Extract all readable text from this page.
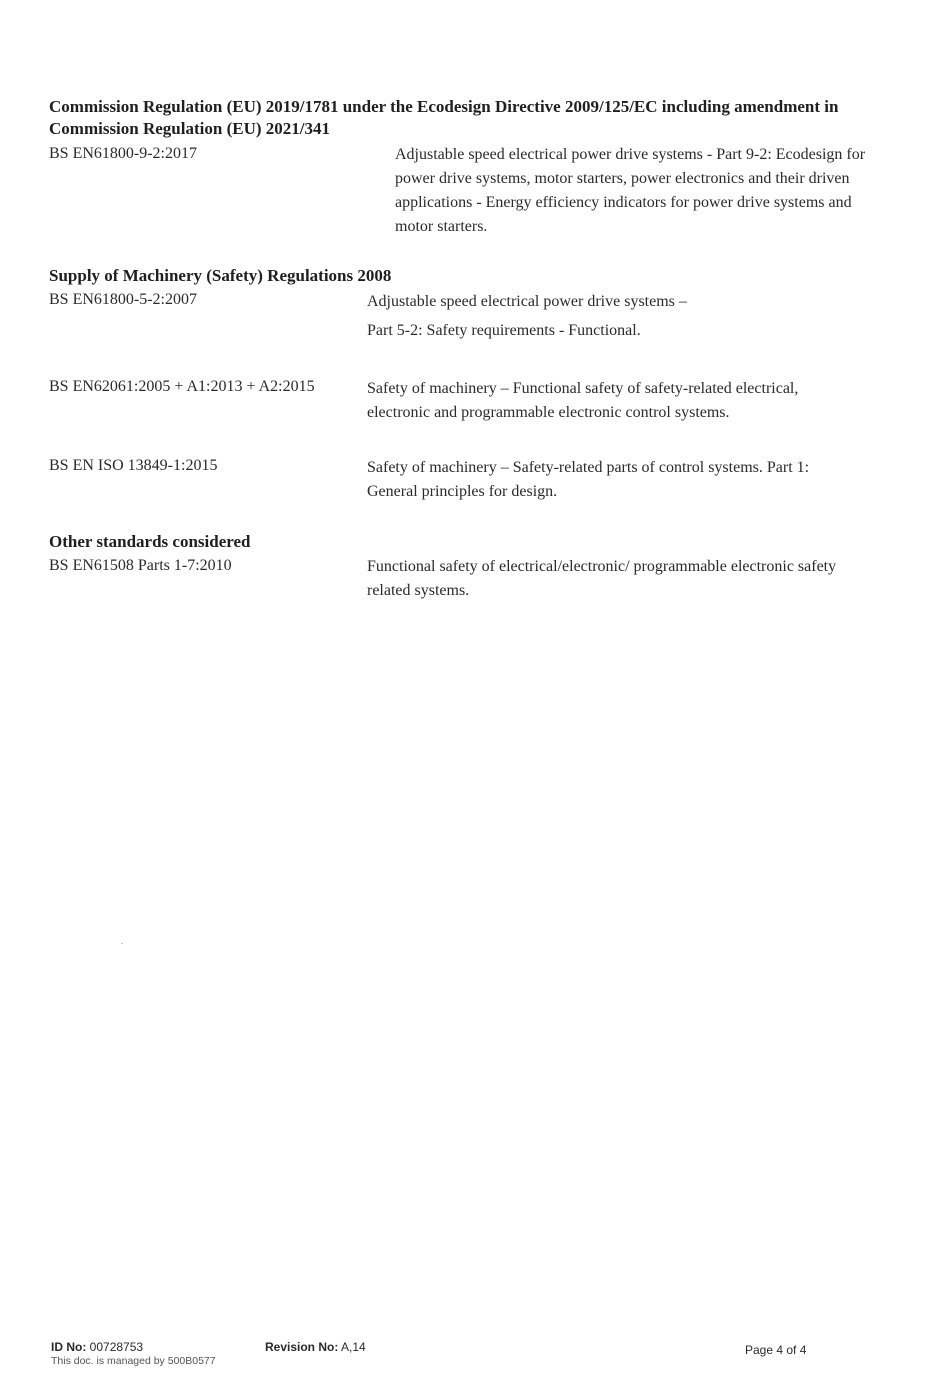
Commission Regulation (EU) 2019/1781 under the Ecodesign Directive 2009/125/EC including amendment in Commission Regulation (EU) 2021/341
BS EN61800-9-2:2017	Adjustable speed electrical power drive systems - Part 9-2: Ecodesign for power drive systems, motor starters, power electronics and their driven applications - Energy efficiency indicators for power drive systems and motor starters.
Supply of Machinery (Safety) Regulations 2008
BS EN61800-5-2:2007	Adjustable speed electrical power drive systems –
Part 5-2: Safety requirements - Functional.
BS EN62061:2005 + A1:2013 + A2:2015	Safety of machinery – Functional safety of safety-related electrical, electronic and programmable electronic control systems.
BS EN ISO 13849-1:2015	Safety of machinery – Safety-related parts of control systems. Part 1: General principles for design.
Other standards considered
BS EN61508 Parts 1-7:2010	Functional safety of electrical/electronic/ programmable electronic safety related systems.
ID No: 00728753
This doc. is managed by 500B0577
Revision No: A,14	Page 4 of 4
